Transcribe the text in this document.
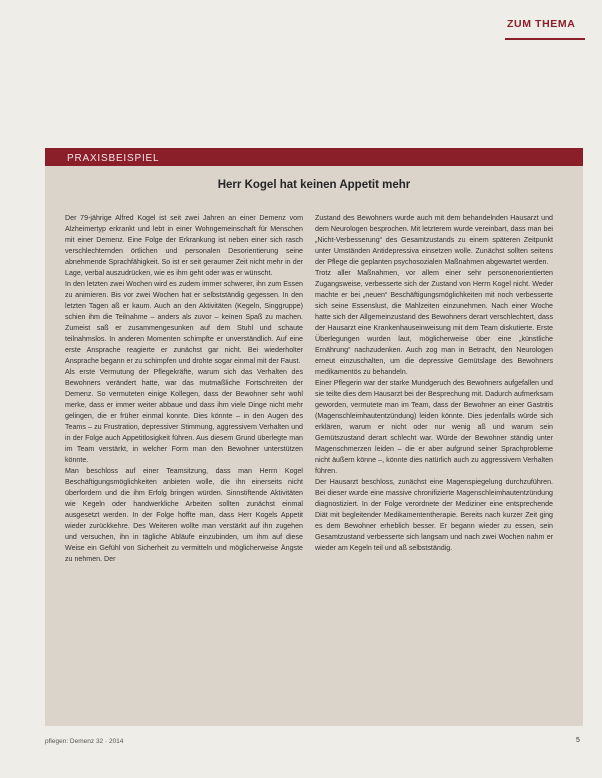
ZUM THEMA
PRAXISBEISPIEL
Herr Kogel hat keinen Appetit mehr

Der 79-jährige Alfred Kogel ist seit zwei Jahren an einer Demenz vom Alzheimertyp erkrankt und lebt in einer Wohngemeinschaft für Menschen mit einer Demenz. Eine Folge der Erkrankung ist neben einer sich rasch verschlechternden örtlichen und personalen Desorientierung seine abnehmende Sprachfähigkeit. So ist er seit geraumer Zeit nicht mehr in der Lage, verbal auszudrücken, wie es ihm geht oder was er wünscht.

In den letzten zwei Wochen wird es zudem immer schwerer, ihn zum Essen zu animieren. Bis vor zwei Wochen hat er selbstständig gegessen. In den letzten Tagen aß er kaum. Auch an den Aktivitäten (Kegeln, Singgruppe) schien ihm die Teilnahme – anders als zuvor – keinen Spaß zu machen. Zumeist saß er zusammengesunken auf dem Stuhl und schaute teilnahmslos. In anderen Momenten schimpfte er unverständlich. Auf eine erste Ansprache reagierte er zunächst gar nicht. Bei wiederholter Ansprache begann er zu schimpfen und drohte sogar einmal mit der Faust.

Als erste Vermutung der Pflegekräfte, warum sich das Verhalten des Bewohners verändert hatte, war das mutmaßliche Fortschreiten der Demenz. So vermuteten einige Kollegen, dass der Bewohner sehr wohl merke, dass er immer weiter abbaue und dass ihm viele Dinge nicht mehr gelingen, die er früher einmal konnte. Dies könnte – in den Augen des Teams – zu Frustration, depressiver Stimmung, aggressivem Verhalten und in der Folge auch Appetitlosigkeit führen. Aus diesem Grund überlegte man im Team verstärkt, in welcher Form man den Bewohner unterstützen könnte.

Man beschloss auf einer Teamsitzung, dass man Herrn Kogel Beschäftigungsmöglichkeiten anbieten wolle, die ihn einerseits nicht überfordern und die ihm Erfolg bringen würden. Sinnstiftende Aktivitäten wie Kegeln oder handwerkliche Arbeiten sollten zunächst einmal ausgesetzt werden. In der Folge hoffte man, dass Herr Kogels Appetit wieder zurückkehre. Des Weiteren wollte man verstärkt auf ihn zugehen und versuchen, ihn in tägliche Abläufe einzubinden, um ihm auf diese Weise ein Gefühl von Sicherheit zu vermitteln und möglicherweise Ängste zu nehmen. Der

Zustand des Bewohners wurde auch mit dem behandelnden Hausarzt und dem Neurologen besprochen. Mit letzterem wurde vereinbart, dass man bei „Nicht-Verbesserung“ des Gesamtzustands zu einem späteren Zeitpunkt unter Umständen Antidepressiva einsetzen wolle. Zunächst sollten seitens der Pflege die geplanten psychosozialen Maßnahmen abgewartet werden.

Trotz aller Maßnahmen, vor allem einer sehr personenorientierten Zugangsweise, verbesserte sich der Zustand von Herrn Kogel nicht. Weder machte er bei „neuen“ Beschäftigungsmöglichkeiten mit noch verbesserte sich seine Essenslust, die Mahlzeiten einzunehmen. Nach einer Woche hatte sich der Allgemeinzustand des Bewohners derart verschlechtert, dass der Hausarzt eine Krankenhauseinweisung mit dem Team diskutierte. Erste Überlegungen wurden laut, möglicherweise über eine „künstliche Ernährung“ nachzudenken. Auch zog man in Betracht, den Neurologen erneut einzuschalten, um die depressive Gemütslage des Bewohners medikamentös zu behandeln.

Einer Pflegerin war der starke Mundgeruch des Bewohners aufgefallen und sie teilte dies dem Hausarzt bei der Besprechung mit. Dadurch aufmerksam geworden, vermutete man im Team, dass der Bewohner an einer Gastritis (Magenschleimhautentzündung) leiden könnte. Dies jedenfalls würde sich erklären, warum er nicht oder nur wenig aß und warum sein Gemütszustand derart schlecht war. Würde der Bewohner ständig unter Magenschmerzen leiden – die er aber aufgrund seiner Sprachprobleme nicht äußern könne –, könnte dies natürlich auch zu aggressivem Verhalten führen.

Der Hausarzt beschloss, zunächst eine Magenspiegelung durchzuführen. Bei dieser wurde eine massive chronifizierte Magenschleimhautentzündung diagnostiziert. In der Folge verordnete der Mediziner eine entsprechende Diät mit begleitender Medikamententherapie. Bereits nach kurzer Zeit ging es dem Bewohner erheblich besser. Er begann wieder zu essen, sein Gesamtzustand verbesserte sich langsam und nach zwei Wochen nahm er wieder am Kegeln teil und aß selbstständig.

pflegen: Demenz 32 · 2014	5
